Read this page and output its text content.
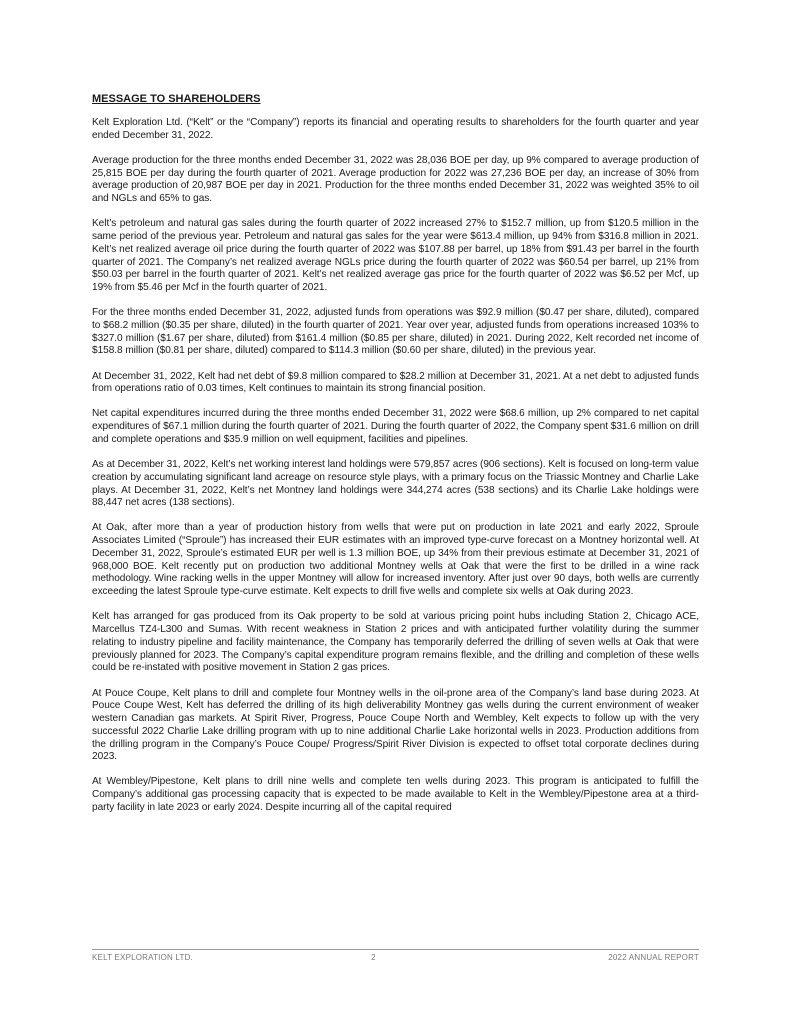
MESSAGE TO SHAREHOLDERS

Kelt Exploration Ltd. (“Kelt” or the “Company”) reports its financial and operating results to shareholders for the fourth quarter and year ended December 31, 2022.

Average production for the three months ended December 31, 2022 was 28,036 BOE per day, up 9% compared to average production of 25,815 BOE per day during the fourth quarter of 2021. Average production for 2022 was 27,236 BOE per day, an increase of 30% from average production of 20,987 BOE per day in 2021. Production for the three months ended December 31, 2022 was weighted 35% to oil and NGLs and 65% to gas.

Kelt’s petroleum and natural gas sales during the fourth quarter of 2022 increased 27% to $152.7 million, up from $120.5 million in the same period of the previous year. Petroleum and natural gas sales for the year were $613.4 million, up 94% from $316.8 million in 2021. Kelt’s net realized average oil price during the fourth quarter of 2022 was $107.88 per barrel, up 18% from $91.43 per barrel in the fourth quarter of 2021. The Company’s net realized average NGLs price during the fourth quarter of 2022 was $60.54 per barrel, up 21% from $50.03 per barrel in the fourth quarter of 2021. Kelt’s net realized average gas price for the fourth quarter of 2022 was $6.52 per Mcf, up 19% from $5.46 per Mcf in the fourth quarter of 2021.

For the three months ended December 31, 2022, adjusted funds from operations was $92.9 million ($0.47 per share, diluted), compared to $68.2 million ($0.35 per share, diluted) in the fourth quarter of 2021. Year over year, adjusted funds from operations increased 103% to $327.0 million ($1.67 per share, diluted) from $161.4 million ($0.85 per share, diluted) in 2021. During 2022, Kelt recorded net income of $158.8 million ($0.81 per share, diluted) compared to $114.3 million ($0.60 per share, diluted) in the previous year.

At December 31, 2022, Kelt had net debt of $9.8 million compared to $28.2 million at December 31, 2021. At a net debt to adjusted funds from operations ratio of 0.03 times, Kelt continues to maintain its strong financial position.

Net capital expenditures incurred during the three months ended December 31, 2022 were $68.6 million, up 2% compared to net capital expenditures of $67.1 million during the fourth quarter of 2021. During the fourth quarter of 2022, the Company spent $31.6 million on drill and complete operations and $35.9 million on well equipment, facilities and pipelines.

As at December 31, 2022, Kelt’s net working interest land holdings were 579,857 acres (906 sections). Kelt is focused on long-term value creation by accumulating significant land acreage on resource style plays, with a primary focus on the Triassic Montney and Charlie Lake plays. At December 31, 2022, Kelt’s net Montney land holdings were 344,274 acres (538 sections) and its Charlie Lake holdings were 88,447 net acres (138 sections).

At Oak, after more than a year of production history from wells that were put on production in late 2021 and early 2022, Sproule Associates Limited (“Sproule”) has increased their EUR estimates with an improved type-curve forecast on a Montney horizontal well. At December 31, 2022, Sproule’s estimated EUR per well is 1.3 million BOE, up 34% from their previous estimate at December 31, 2021 of 968,000 BOE. Kelt recently put on production two additional Montney wells at Oak that were the first to be drilled in a wine rack methodology. Wine racking wells in the upper Montney will allow for increased inventory. After just over 90 days, both wells are currently exceeding the latest Sproule type-curve estimate. Kelt expects to drill five wells and complete six wells at Oak during 2023.

Kelt has arranged for gas produced from its Oak property to be sold at various pricing point hubs including Station 2, Chicago ACE, Marcellus TZ4-L300 and Sumas. With recent weakness in Station 2 prices and with anticipated further volatility during the summer relating to industry pipeline and facility maintenance, the Company has temporarily deferred the drilling of seven wells at Oak that were previously planned for 2023. The Company’s capital expenditure program remains flexible, and the drilling and completion of these wells could be re-instated with positive movement in Station 2 gas prices.

At Pouce Coupe, Kelt plans to drill and complete four Montney wells in the oil-prone area of the Company’s land base during 2023. At Pouce Coupe West, Kelt has deferred the drilling of its high deliverability Montney gas wells during the current environment of weaker western Canadian gas markets. At Spirit River, Progress, Pouce Coupe North and Wembley, Kelt expects to follow up with the very successful 2022 Charlie Lake drilling program with up to nine additional Charlie Lake horizontal wells in 2023. Production additions from the drilling program in the Company’s Pouce Coupe/ Progress/Spirit River Division is expected to offset total corporate declines during 2023.

At Wembley/Pipestone, Kelt plans to drill nine wells and complete ten wells during 2023. This program is anticipated to fulfill the Company’s additional gas processing capacity that is expected to be made available to Kelt in the Wembley/Pipestone area at a third-party facility in late 2023 or early 2024. Despite incurring all of the capital required

KELT EXPLORATION LTD.	2	2022 ANNUAL REPORT
